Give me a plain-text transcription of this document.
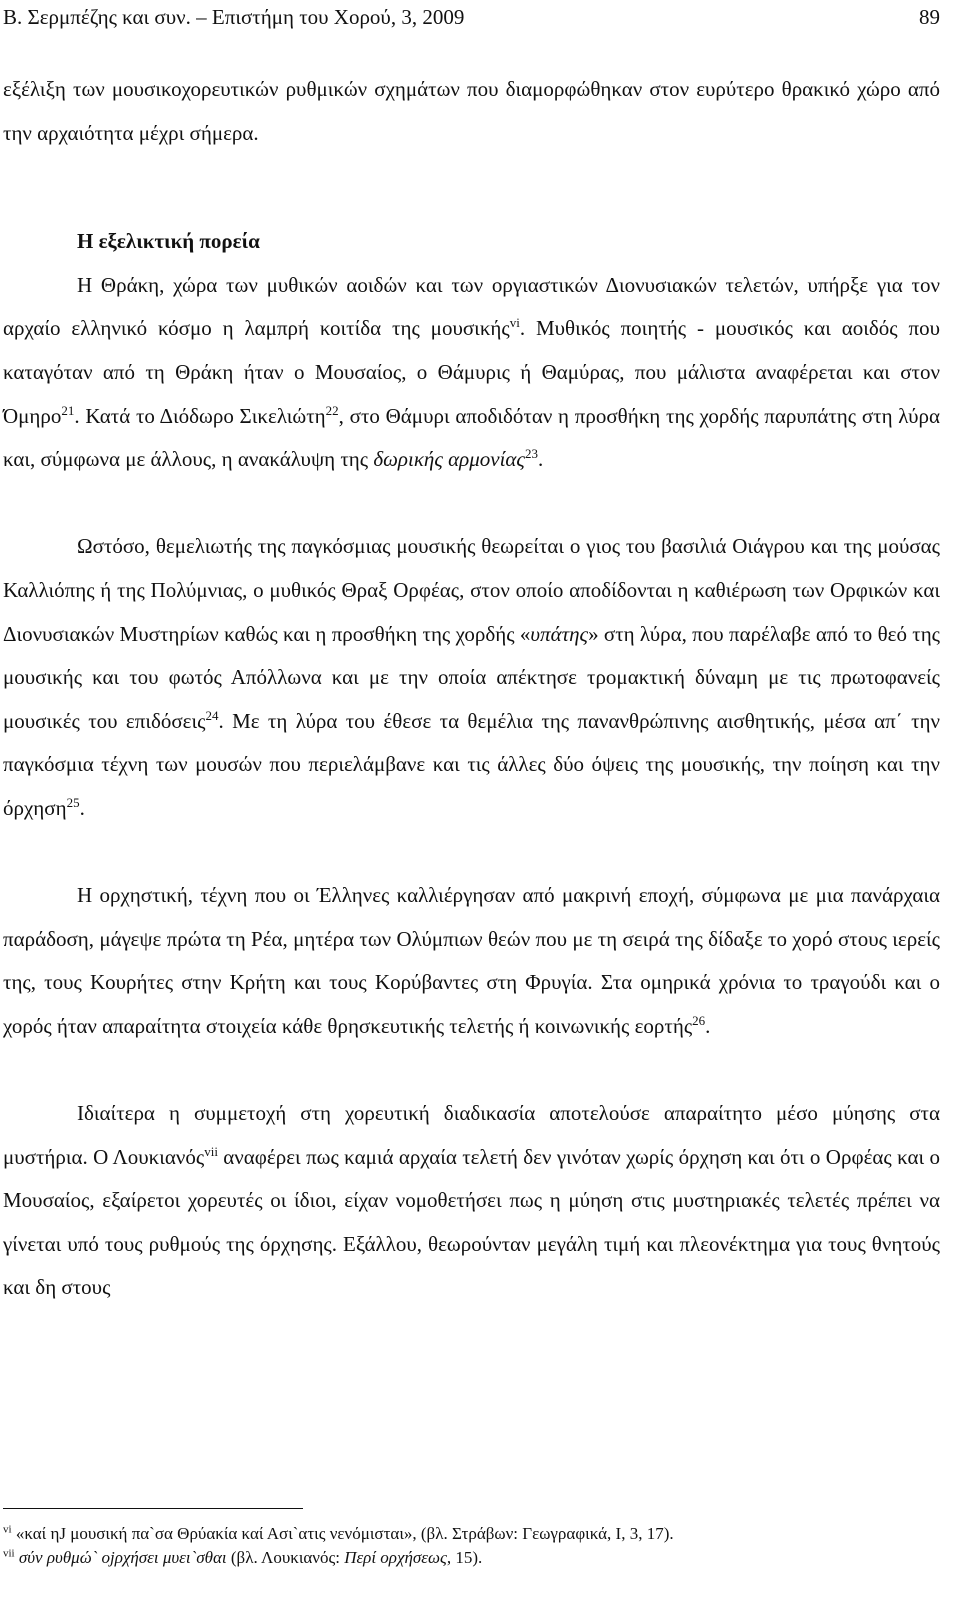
Β. Σερμπέζης και συν. – Επιστήμη του Χορού, 3, 2009	89

εξέλιξη των μουσικοχορευτικών ρυθμικών σχημάτων που διαμορφώθηκαν στον ευρύτερο θρακικό χώρο από την αρχαιότητα μέχρι σήμερα.

Η εξελικτική πορεία

Η Θράκη, χώρα των μυθικών αοιδών και των οργιαστικών Διονυσιακών τελετών, υπήρξε για τον αρχαίο ελληνικό κόσμο η λαμπρή κοιτίδα της μουσικής$^{vi}$. Μυθικός ποιητής - μουσικός και αοιδός που καταγόταν από τη Θράκη ήταν ο Μουσαίος, ο Θάμυρις ή Θαμύρας, που μάλιστα αναφέρεται και στον Όμηρο$^{21}$. Κατά το Διόδωρο Σικελιώτη$^{22}$, στο Θάμυρι αποδιδόταν η προσθήκη της χορδής παρυπάτης στη λύρα και, σύμφωνα με άλλους, η ανακάλυψη της δωρικής αρμονίας$^{23}$.

Ωστόσο, θεμελιωτής της παγκόσμιας μουσικής θεωρείται ο γιος του βασιλιά Οιάγρου και της μούσας Καλλιόπης ή της Πολύμνιας, ο μυθικός Θραξ Ορφέας, στον οποίο αποδίδονται η καθιέρωση των Ορφικών και Διονυσιακών Μυστηρίων καθώς και η προσθήκη της χορδής «υπάτης» στη λύρα, που παρέλαβε από το θεό της μουσικής και του φωτός Απόλλωνα και με την οποία απέκτησε τρομακτική δύναμη με τις πρωτοφανείς μουσικές του επιδόσεις$^{24}$. Με τη λύρα του έθεσε τα θεμέλια της πανανθρώπινης αισθητικής, μέσα απ΄ την παγκόσμια τέχνη των μουσών που περιελάμβανε και τις άλλες δύο όψεις της μουσικής, την ποίηση και την όρχηση$^{25}$.

Η ορχηστική, τέχνη που οι Έλληνες καλλιέργησαν από μακρινή εποχή, σύμφωνα με μια πανάρχαια παράδοση, μάγεψε πρώτα τη Ρέα, μητέρα των Ολύμπιων θεών που με τη σειρά της δίδαξε το χορό στους ιερείς της, τους Κουρήτες στην Κρήτη και τους Κορύβαντες στη Φρυγία. Στα ομηρικά χρόνια το τραγούδι και ο χορός ήταν απαραίτητα στοιχεία κάθε θρησκευτικής τελετής ή κοινωνικής εορτής$^{26}$.

Ιδιαίτερα η συμμετοχή στη χορευτική διαδικασία αποτελούσε απαραίτητο μέσο μύησης στα μυστήρια. Ο Λουκιανός$^{vii}$ αναφέρει πως καμιά αρχαία τελετή δεν γινόταν χωρίς όρχηση και ότι ο Ορφέας και ο Μουσαίος, εξαίρετοι χορευτές οι ίδιοι, είχαν νομοθετήσει πως η μύηση στις μυστηριακές τελετές πρέπει να γίνεται υπό τους ρυθμούς της όρχησης. Εξάλλου, θεωρούνταν μεγάλη τιμή και πλεονέκτημα για τους θνητούς και δη στους

$^{vi}$ «καί ηJ μουσική πα`σα Θρύακία καί Ασι`ατις νενόμισται», (βλ. Στράβων: Γεωγραφικά, Ι, 3, 17).

$^{vii}$ σύν ρυθμώ` οjρχήσει μυει`σθαι (βλ. Λουκιανός: Περί ορχήσεως, 15).
